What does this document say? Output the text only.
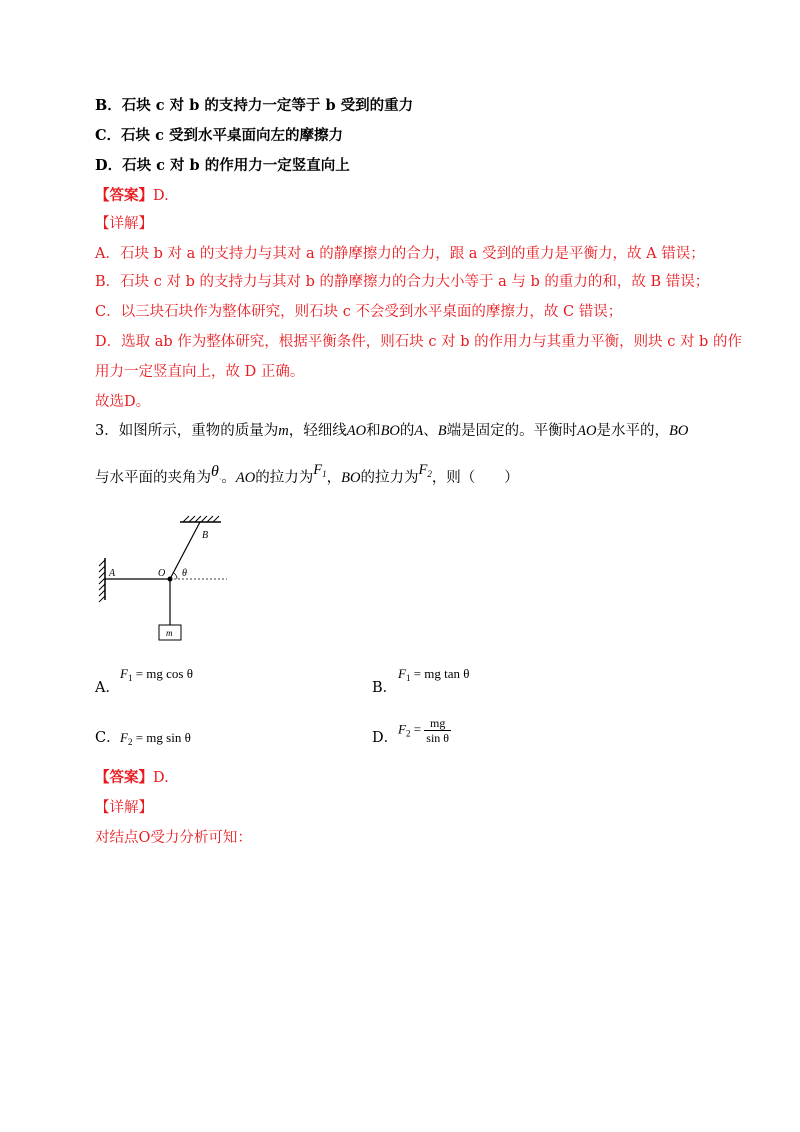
B．石块 c 对 b 的支持力一定等于 b 受到的重力
C．石块 c 受到水平桌面向左的摩擦力
D．石块 c 对 b 的作用力一定竖直向上
【答案】D.
【详解】
A．石块 b 对 a 的支持力与其对 a 的静摩擦力的合力，跟 a 受到的重力是平衡力，故 A 错误；
B．石块 c 对 b 的支持力与其对 b 的静摩擦力的合力大小等于 a 与 b 的重力的和，故 B 错误；
C．以三块石块作为整体研究，则石块 c 不会受到水平桌面的摩擦力，故 C 错误；
D．选取 ab 作为整体研究，根据平衡条件，则石块 c 对 b 的作用力与其重力平衡，则块 c 对 b 的作
用力一定竖直向上，故 D 正确。
故选D。
3．如图所示，重物的质量为m，轻细线AO和BO的A、B端是固定的。平衡时AO是水平的，BO
与水平面的夹角为θ·。AO的拉力为$F_1$，BO的拉力为$F_2$，则（　　）
A	O
B
θ
m
A．
$F_1$ = mg cos θ
B．
$F_1$ = mg tan θ
C． $F_2$ = mg sin θ	D．
$F_2 = \frac{mg}{\text{sin θ}}$
【答案】D.
【详解】
对结点O受力分析可知：
